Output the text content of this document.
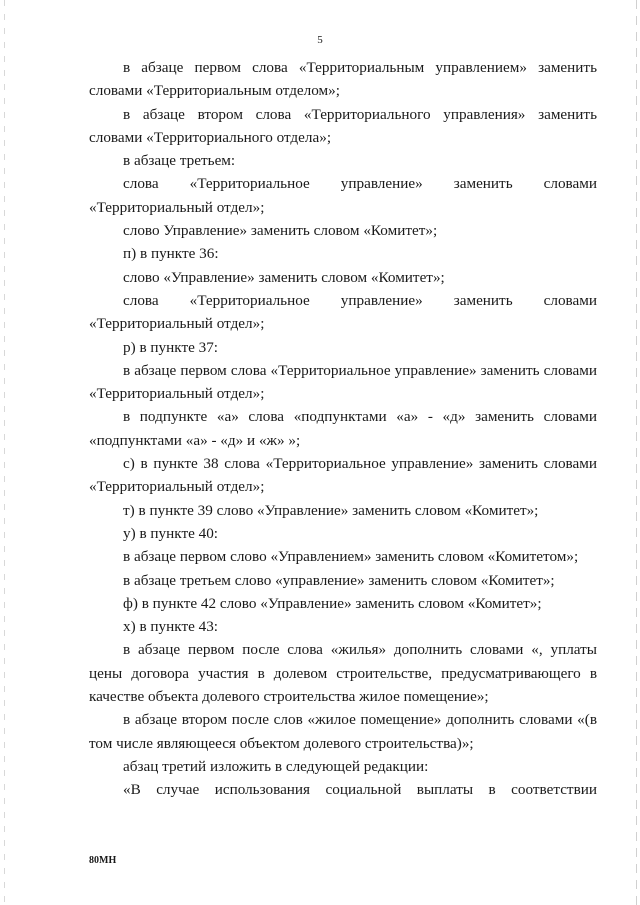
5

в абзаце первом слова «Территориальным управлением» заменить словами «Территориальным отделом»;

в абзаце втором слова «Территориального управления» заменить словами «Территориального отдела»;

в абзаце третьем:

слова «Территориальное управление» заменить словами «Территориальный отдел»;

слово Управление» заменить словом «Комитет»;

п) в пункте 36:

слово «Управление» заменить словом «Комитет»;

слова «Территориальное управление» заменить словами «Территориальный отдел»;

р) в пункте 37:

в абзаце первом слова «Территориальное управление» заменить словами «Территориальный отдел»;

в подпункте «а» слова «подпунктами «а» - «д» заменить словами «подпунктами «а» - «д» и «ж» »;

с) в пункте 38 слова «Территориальное управление» заменить словами «Территориальный отдел»;

т) в пункте 39 слово «Управление» заменить словом «Комитет»;

у) в пункте 40:

в абзаце первом слово «Управлением» заменить словом «Комитетом»;

в абзаце третьем слово «управление» заменить словом «Комитет»;

ф) в пункте 42 слово «Управление» заменить словом «Комитет»;

х) в пункте 43:

в абзаце первом после слова «жилья» дополнить словами «, уплаты цены договора участия в долевом строительстве, предусматривающего в качестве объекта долевого строительства жилое помещение»;

в абзаце втором после слов «жилое помещение» дополнить словами «(в том числе являющееся объектом долевого строительства)»;

абзац третий изложить в следующей редакции:

«В случае использования социальной выплаты в соответствии

80МН
